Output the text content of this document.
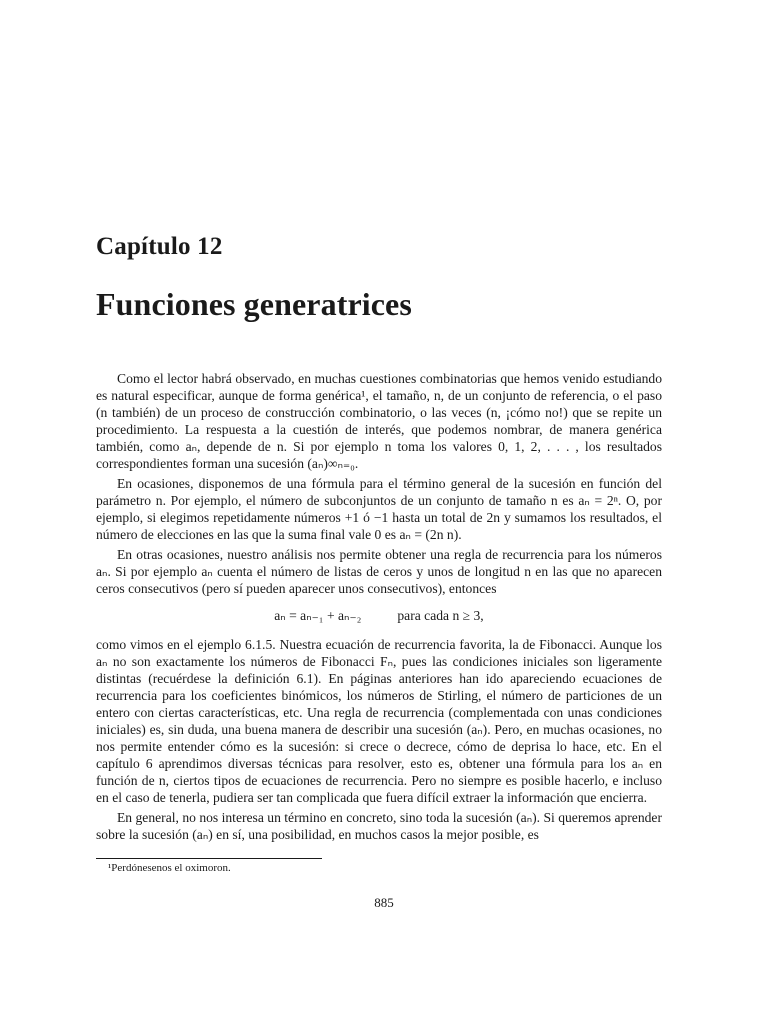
Capítulo 12
Funciones generatrices

Como el lector habrá observado, en muchas cuestiones combinatorias que hemos venido estudiando es natural especificar, aunque de forma genérica¹, el tamaño, n, de un conjunto de referencia, o el paso (n también) de un proceso de construcción combinatorio, o las veces (n, ¡cómo no!) que se repite un procedimiento. La respuesta a la cuestión de interés, que podemos nombrar, de manera genérica también, como aₙ, depende de n. Si por ejemplo n toma los valores 0, 1, 2, . . . , los resultados correspondientes forman una sucesión (aₙ)∞ₙ₌₀.

En ocasiones, disponemos de una fórmula para el término general de la sucesión en función del parámetro n. Por ejemplo, el número de subconjuntos de un conjunto de tamaño n es aₙ = 2ⁿ. O, por ejemplo, si elegimos repetidamente números +1 ó −1 hasta un total de 2n y sumamos los resultados, el número de elecciones en las que la suma final vale 0 es aₙ = (2n n).

En otras ocasiones, nuestro análisis nos permite obtener una regla de recurrencia para los números aₙ. Si por ejemplo aₙ cuenta el número de listas de ceros y unos de longitud n en las que no aparecen ceros consecutivos (pero sí pueden aparecer unos consecutivos), entonces

aₙ = aₙ₋₁ + aₙ₋₂	para cada n ≥ 3,

como vimos en el ejemplo 6.1.5. Nuestra ecuación de recurrencia favorita, la de Fibonacci. Aunque los aₙ no son exactamente los números de Fibonacci Fₙ, pues las condiciones iniciales son ligeramente distintas (recuérdese la definición 6.1). En páginas anteriores han ido apareciendo ecuaciones de recurrencia para los coeficientes binómicos, los números de Stirling, el número de particiones de un entero con ciertas características, etc. Una regla de recurrencia (complementada con unas condiciones iniciales) es, sin duda, una buena manera de describir una sucesión (aₙ). Pero, en muchas ocasiones, no nos permite entender cómo es la sucesión: si crece o decrece, cómo de deprisa lo hace, etc. En el capítulo 6 aprendimos diversas técnicas para resolver, esto es, obtener una fórmula para los aₙ en función de n, ciertos tipos de ecuaciones de recurrencia. Pero no siempre es posible hacerlo, e incluso en el caso de tenerla, pudiera ser tan complicada que fuera difícil extraer la información que encierra.

En general, no nos interesa un término en concreto, sino toda la sucesión (aₙ). Si queremos aprender sobre la sucesión (aₙ) en sí, una posibilidad, en muchos casos la mejor posible, es

¹Perdónesenos el oximoron.
885
